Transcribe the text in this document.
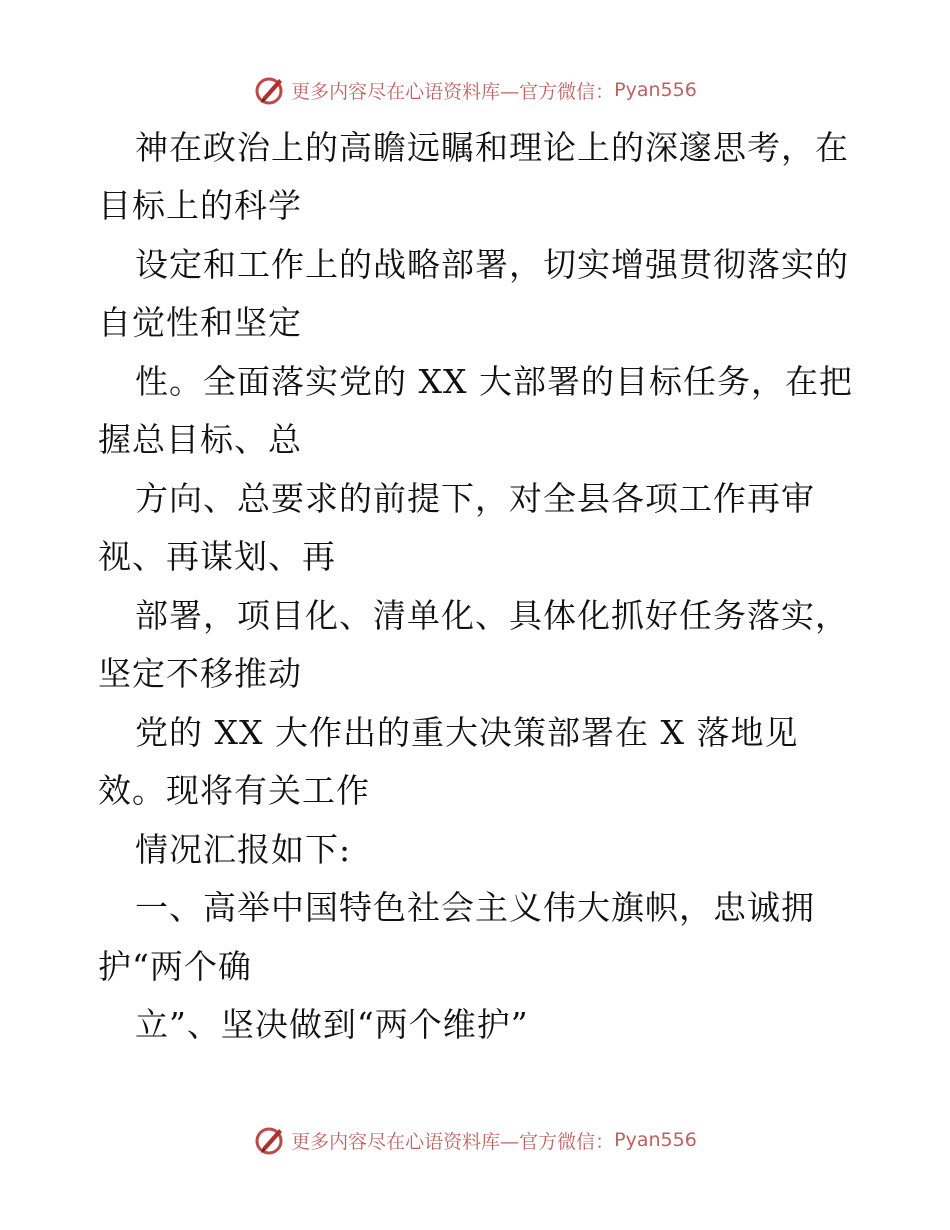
更多内容尽在心语资料库—官方微信： Pyan556
神在政治上的高瞻远瞩和理论上的深邃思考，在
目标上的科学
设定和工作上的战略部署，切实增强贯彻落实的
自觉性和坚定
性。全面落实党的 XX 大部署的目标任务，在把
握总目标、总
方向、总要求的前提下，对全县各项工作再审
视、再谋划、再
部署，项目化、清单化、具体化抓好任务落实，
坚定不移推动
党的 XX 大作出的重大决策部署在 X 落地见
效。现将有关工作
情况汇报如下:
一、高举中国特色社会主义伟大旗帜，忠诚拥
护“两个确
立”、坚决做到“两个维护”
更多内容尽在心语资料库—官方微信： Pyan556
